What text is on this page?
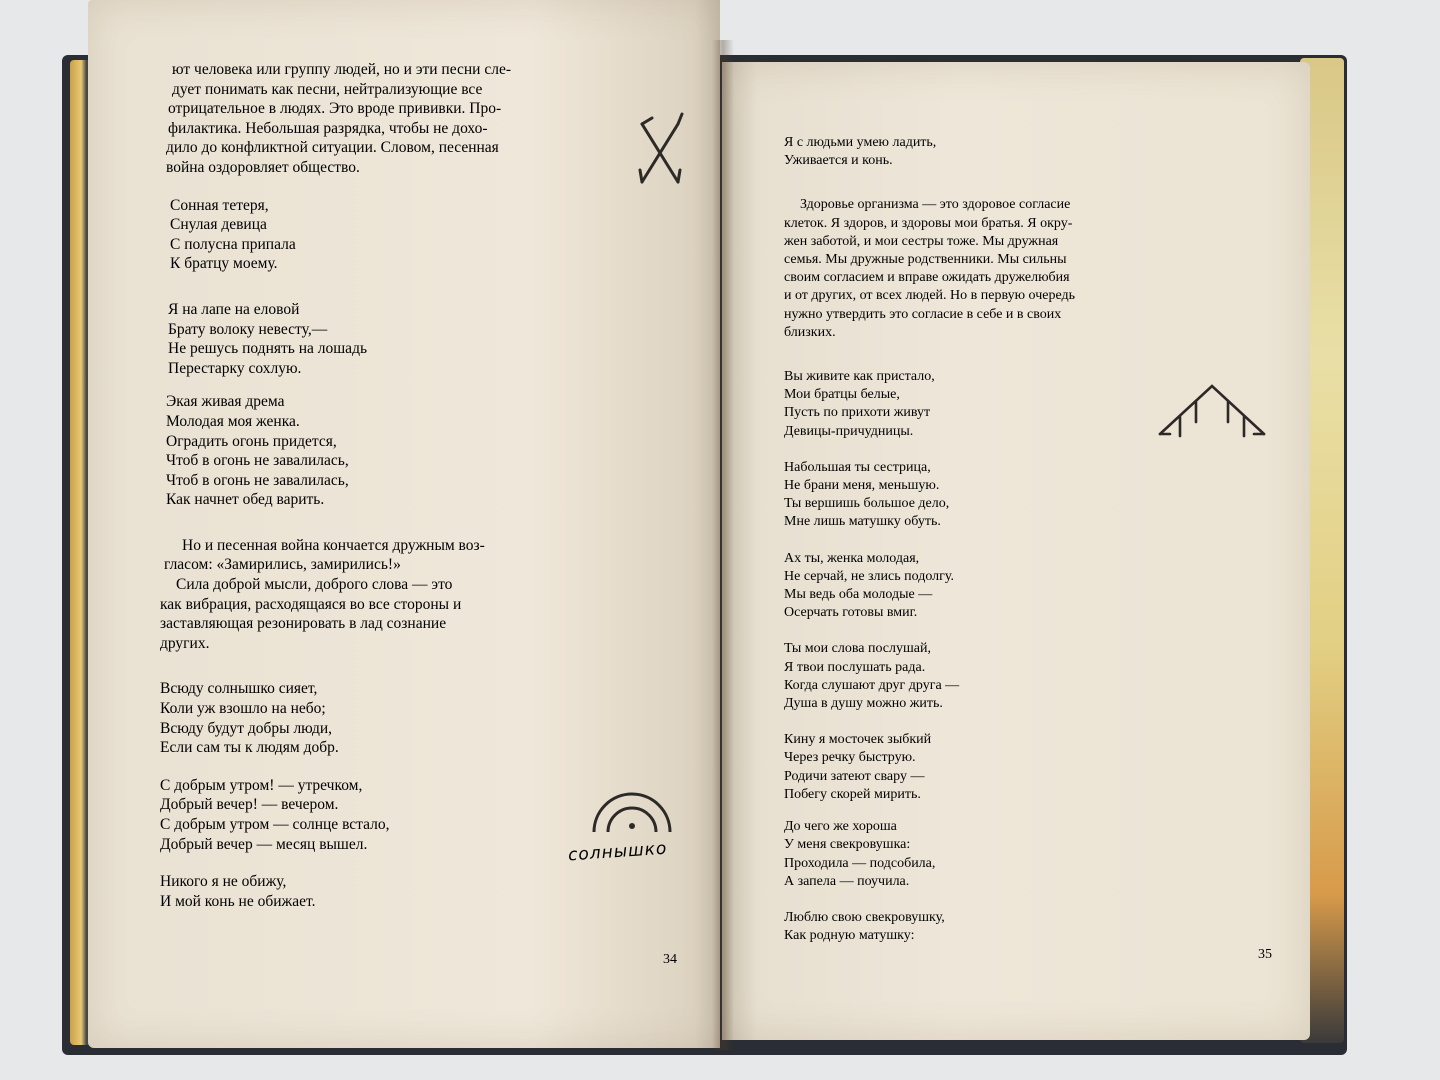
ют человека или группу людей, но и эти песни сле-
дует понимать как песни, нейтрализующие все
отрицательное в людях. Это вроде прививки. Про-
филактика. Небольшая разрядка, чтобы не дохо-
дило до конфликтной ситуации. Словом, песенная
война оздоровляет общество.
Сонная тетеря,
Снулая девица
С полусна припала
К братцу моему.
Я на лапе на еловой
Брату волоку невесту,—
Не решусь поднять на лошадь
Перестарку сохлую.
Экая живая дрема
Молодая моя женка.
Оградить огонь придется,
Чтоб в огонь не завалилась,
Чтоб в огонь не завалилась,
Как начнет обед варить.
Но и песенная война кончается дружным воз-
гласом: «Замирились, замирились!»
Сила доброй мысли, доброго слова — это
как вибрация, расходящаяся во все стороны и
заставляющая резонировать в лад сознание
других.
Всюду солнышко сияет,
Коли уж взошло на небо;
Всюду будут добры люди,
Если сам ты к людям добр.
С добрым утром! — утречком,
Добрый вечер! — вечером.
С добрым утром — солнце встало,
Добрый вечер — месяц вышел.
Никого я не обижу,
И мой конь не обижает.
солнышко
34
Я с людьми умею ладить,
Уживается и конь.
Здоровье организма — это здоровое согласие
клеток. Я здоров, и здоровы мои братья. Я окру-
жен заботой, и мои сестры тоже. Мы дружная
семья. Мы дружные родственники. Мы сильны
своим согласием и вправе ожидать дружелюбия
и от других, от всех людей. Но в первую очередь
нужно утвердить это согласие в себе и в своих
близких.
Вы живите как пристало,
Мои братцы белые,
Пусть по прихоти живут
Девицы-причудницы.
Набольшая ты сестрица,
Не брани меня, меньшую.
Ты вершишь большое дело,
Мне лишь матушку обуть.
Ах ты, женка молодая,
Не серчай, не злись подолгу.
Мы ведь оба молодые —
Осерчать готовы вмиг.
Ты мои слова послушай,
Я твои послушать рада.
Когда слушают друг друга —
Душа в душу можно жить.
Кину я мосточек зыбкий
Через речку быструю.
Родичи затеют свару —
Побегу скорей мирить.
До чего же хороша
У меня свекровушка:
Проходила — подсобила,
А запела — поучила.
Люблю свою свекровушку,
Как родную матушку:
35
